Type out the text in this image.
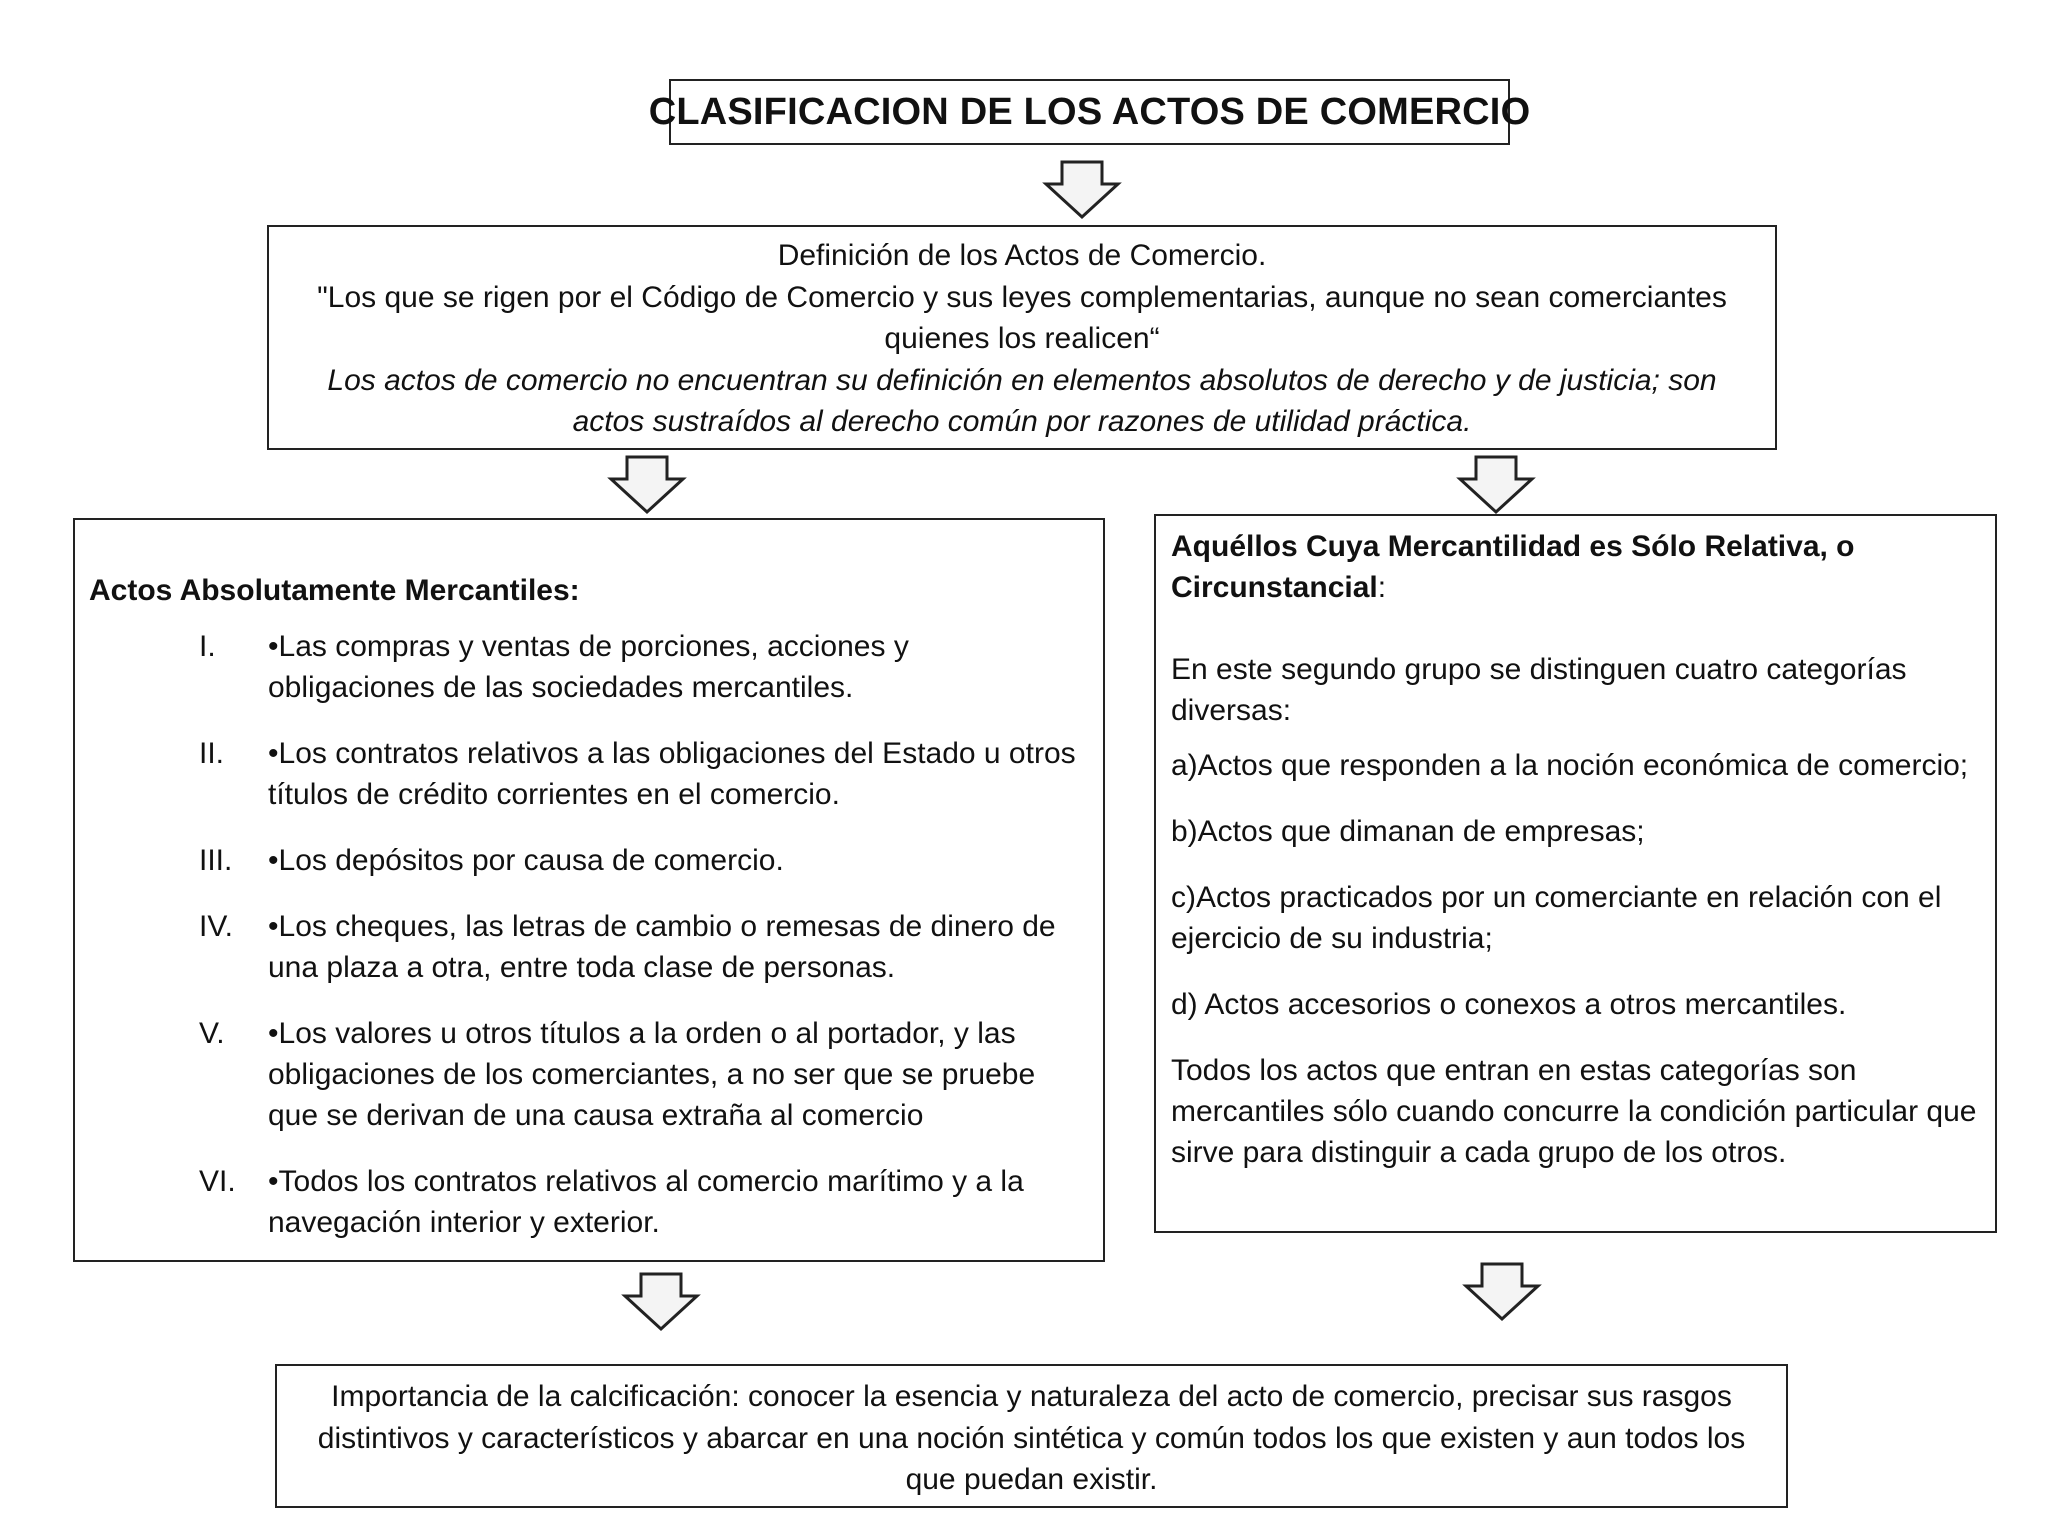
CLASIFICACION DE LOS ACTOS DE COMERCIO
Definición de los Actos de Comercio.
"Los que se rigen por el Código de Comercio y sus leyes complementarias, aunque no sean comerciantes quienes los realicen“
Los actos de comercio no encuentran su definición en elementos absolutos de derecho y de justicia; son actos sustraídos al derecho común por razones de utilidad práctica.
Actos Absolutamente Mercantiles:
I.	•Las compras y ventas de porciones, acciones y obligaciones de las sociedades mercantiles.
II.	•Los contratos relativos a las obligaciones del Estado u otros títulos de crédito corrientes en el comercio.
III.	•Los depósitos por causa de comercio.
IV.	•Los cheques, las letras de cambio o remesas de dinero de una plaza a otra, entre toda clase de personas.
V.	•Los valores u otros títulos a la orden o al portador, y las obligaciones de los comerciantes, a no ser que se pruebe que se derivan de una causa extraña al comercio
VI.	•Todos los contratos relativos al comercio marítimo y a la navegación interior y exterior.
Aquéllos Cuya Mercantilidad es Sólo Relativa, o Circunstancial:

En este segundo grupo se distinguen cuatro categorías diversas:

a)Actos que responden a la noción económica de comercio;

b)Actos que dimanan de empresas;

c)Actos practicados por un comerciante en relación con el ejercicio de su industria;

d) Actos accesorios o conexos a otros mercantiles.

Todos los actos que entran en estas categorías son mercantiles sólo cuando concurre la condición particular que sirve para distinguir a cada grupo de los otros.

Importancia de la calcificación: conocer la esencia y naturaleza del acto de comercio, precisar sus rasgos distintivos y característicos y abarcar en una noción sintética y común todos los que existen y aun todos los que puedan existir.
